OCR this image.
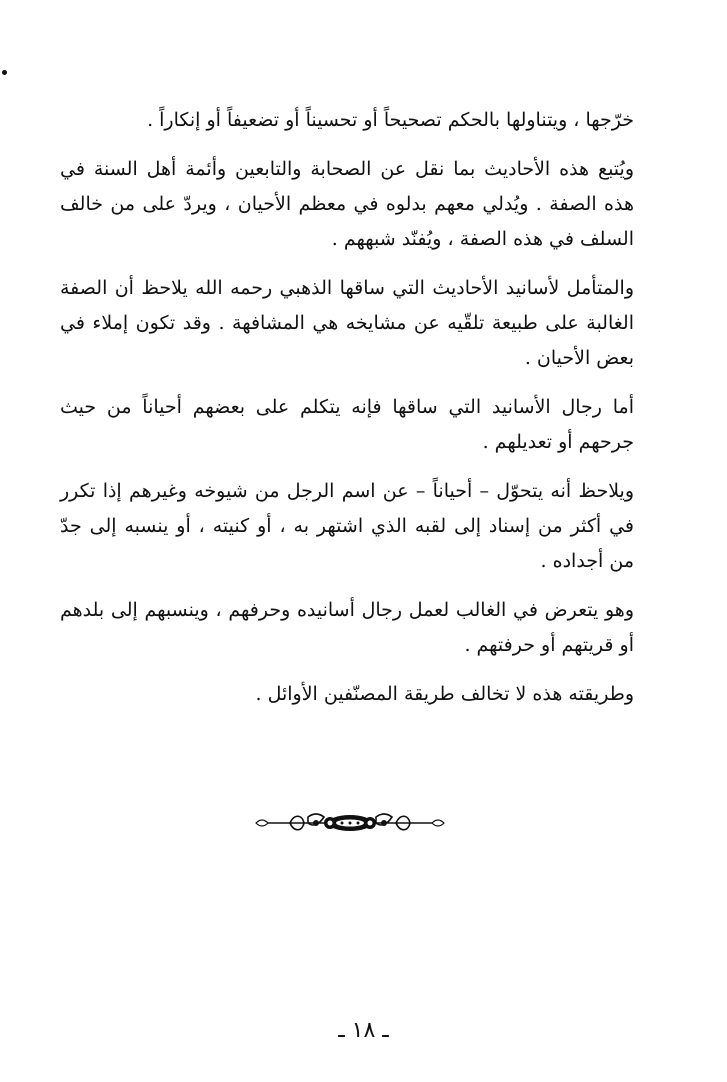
خرّجها ، ويتناولها بالحكم تصحيحاً أو تحسيناً أو تضعيفاً أو إنكاراً .

ويُتبع هذه الأحاديث بما نقل عن الصحابة والتابعين وأئمة أهل السنة في هذه الصفة . ويُدلي معهم بدلوه في معظم الأحيان ، ويردّ على من خالف السلف في هذه الصفة ، ويُفنّد شبههم .

والمتأمل لأسانيد الأحاديث التي ساقها الذهبي رحمه الله يلاحظ أن الصفة الغالبة على طبيعة تلقّيه عن مشايخه هي المشافهة . وقد تكون إملاء في بعض الأحيان .

أما رجال الأسانيد التي ساقها فإنه يتكلم على بعضهم أحياناً من حيث جرحهم أو تعديلهم .

ويلاحظ أنه يتحوّل – أحياناً – عن اسم الرجل من شيوخه وغيرهم إذا تكرر في أكثر من إسناد إلى لقبه الذي اشتهر به ، أو كنيته ، أو ينسبه إلى جدّ من أجداده .

وهو يتعرض في الغالب لعمل رجال أسانيده وحرفهم ، وينسبهم إلى بلدهم أو قريتهم أو حرفتهم .

وطريقته هذه لا تخالف طريقة المصنّفين الأوائل .

ـ ١٨ ـ
